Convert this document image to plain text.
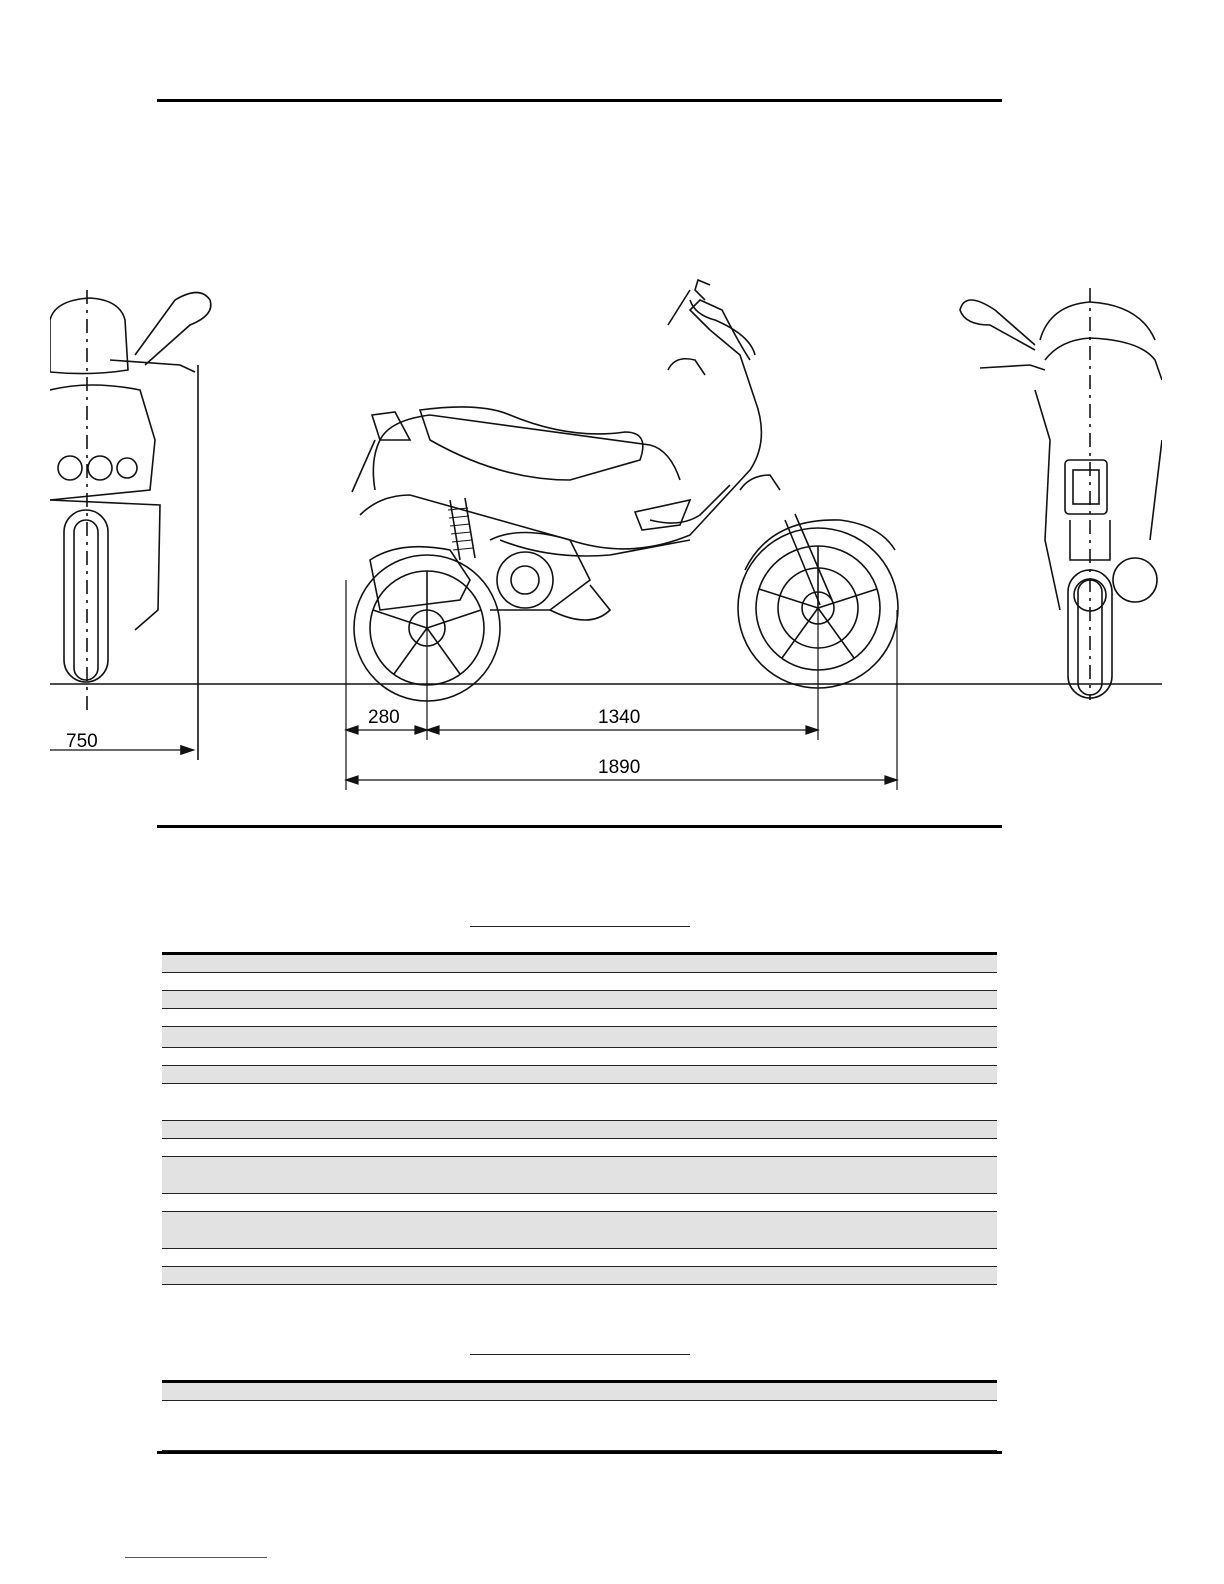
750
280	1340
1890
